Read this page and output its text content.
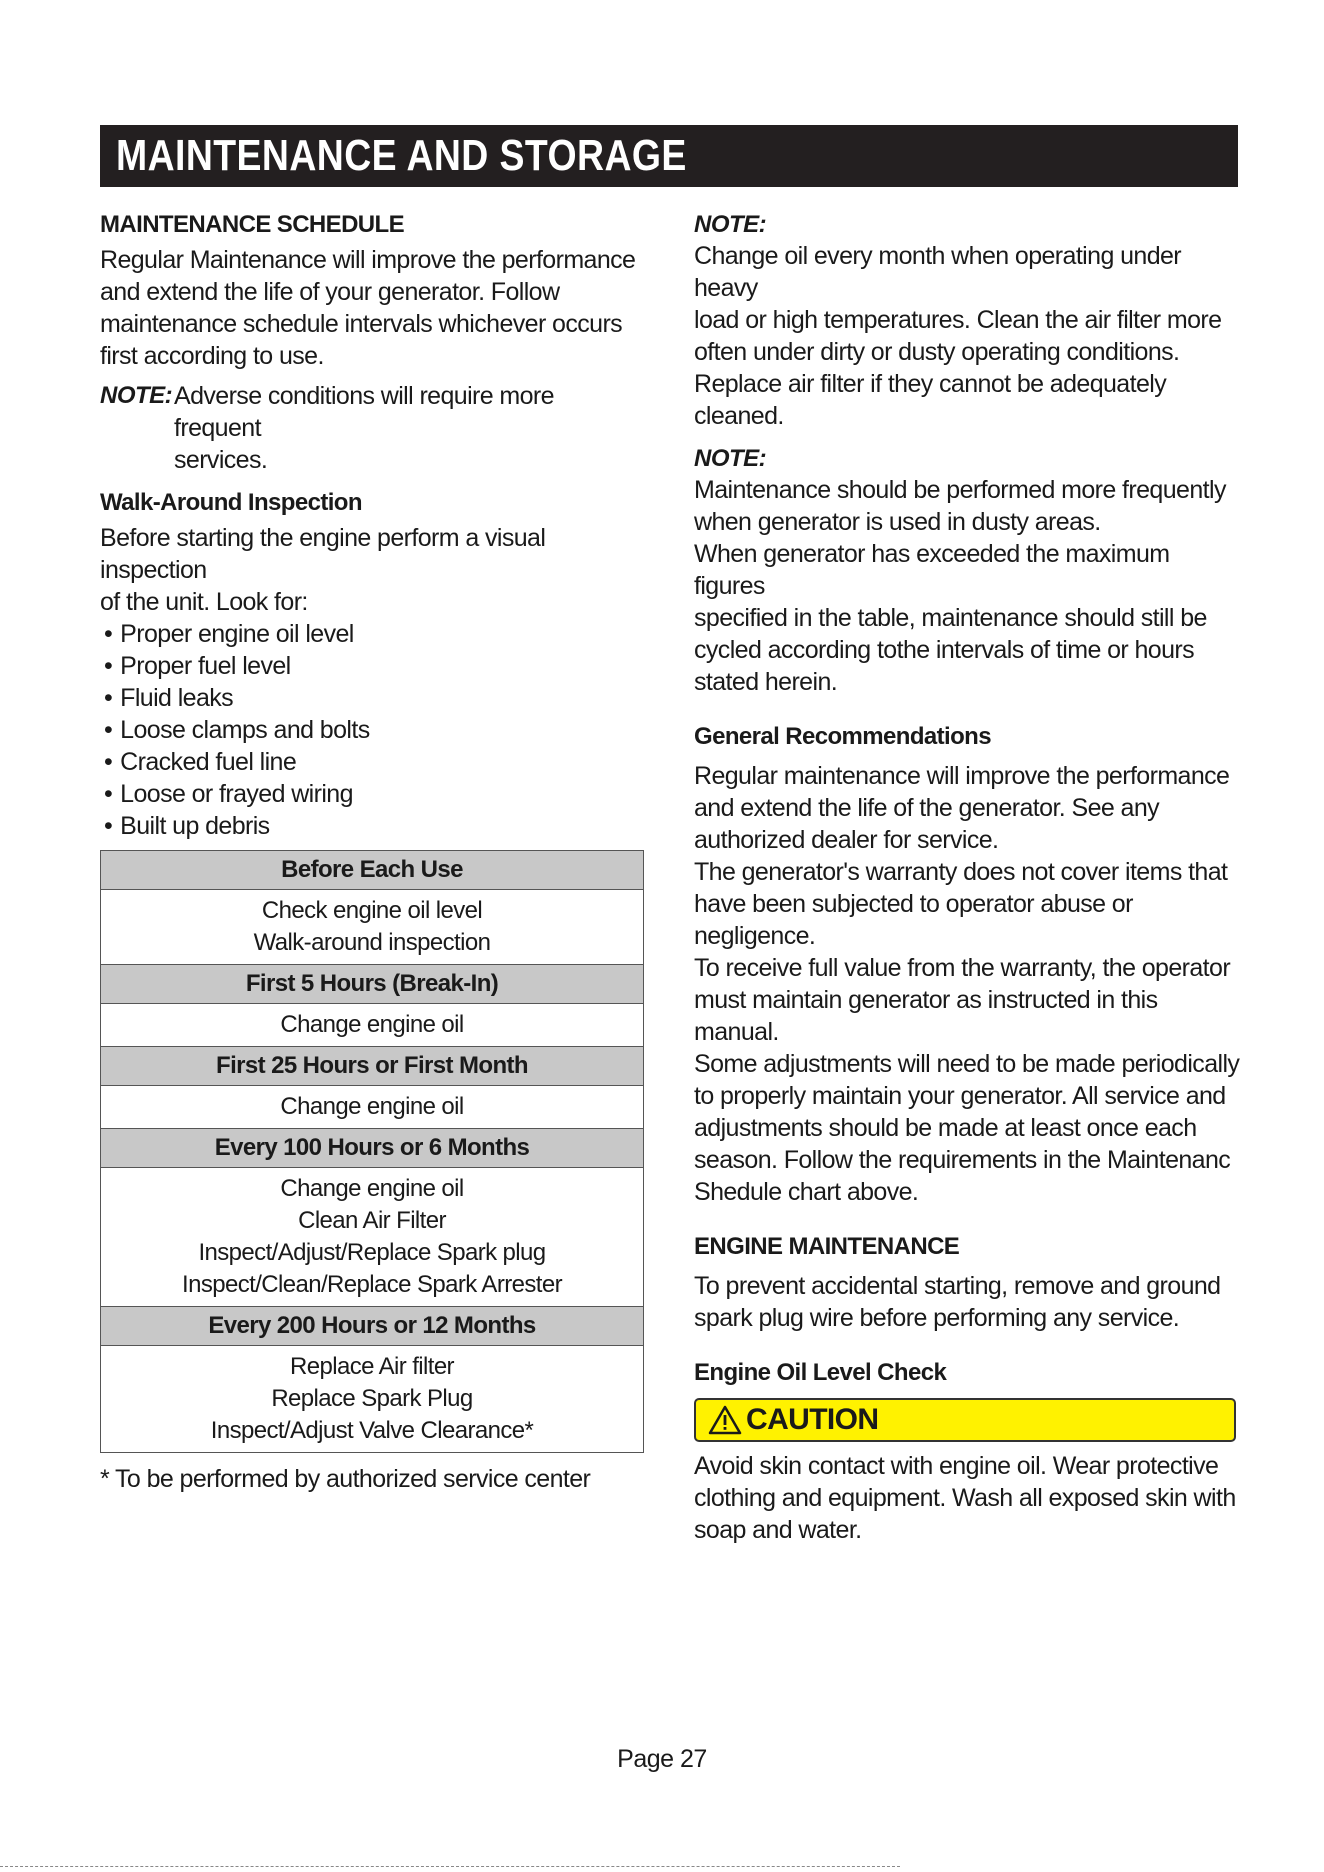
MAINTENANCE AND STORAGE
MAINTENANCE SCHEDULE

Regular Maintenance will improve the performance

and extend the life of your generator. Follow

maintenance schedule intervals whichever occurs

first according to use.

NOTE: Adverse conditions will require more frequent

services.

Walk-Around Inspection

Before starting the engine perform a visual inspection

of the unit. Look for:

• Proper engine oil level
• Proper fuel level
• Fluid leaks
• Loose clamps and bolts
• Cracked fuel line
• Loose or frayed wiring
• Built up debris
Before Each Use

Check engine oil level
Walk-around inspection

First 5 Hours (Break-In)

Change engine oil

First 25 Hours or First Month

Change engine oil

Every 100 Hours or 6 Months

Change engine oil
Clean Air Filter
Inspect/Adjust/Replace Spark plug
Inspect/Clean/Replace Spark Arrester

Every 200 Hours or 12 Months

Replace Air filter
Replace Spark Plug
Inspect/Adjust Valve Clearance*
* To be performed by authorized service center
NOTE:

Change oil every month when operating under heavy

load or high temperatures. Clean the air filter more

often under dirty or dusty operating conditions.

Replace air filter if they cannot be adequately cleaned.

NOTE:

Maintenance should be performed more frequently

when generator is used in dusty areas.

When generator has exceeded the maximum figures

specified in the table, maintenance should still be

cycled according tothe intervals of time or hours

stated herein.

General Recommendations

Regular maintenance will improve the performance

and extend the life of the generator. See any

authorized dealer for service.

The generator's warranty does not cover items that

have been subjected to operator abuse or negligence.

To receive full value from the warranty, the operator

must maintain generator as instructed in this manual.

Some adjustments will need to be made periodically

to properly maintain your generator. All service and

adjustments should be made at least once each

season. Follow the requirements in the Maintenanc

Shedule chart above.

ENGINE MAINTENANCE

To prevent accidental starting, remove and ground

spark plug wire before performing any service.

Engine Oil Level Check
CAUTION

Avoid skin contact with engine oil. Wear protective

clothing and equipment. Wash all exposed skin with

soap and water.

Page 27
